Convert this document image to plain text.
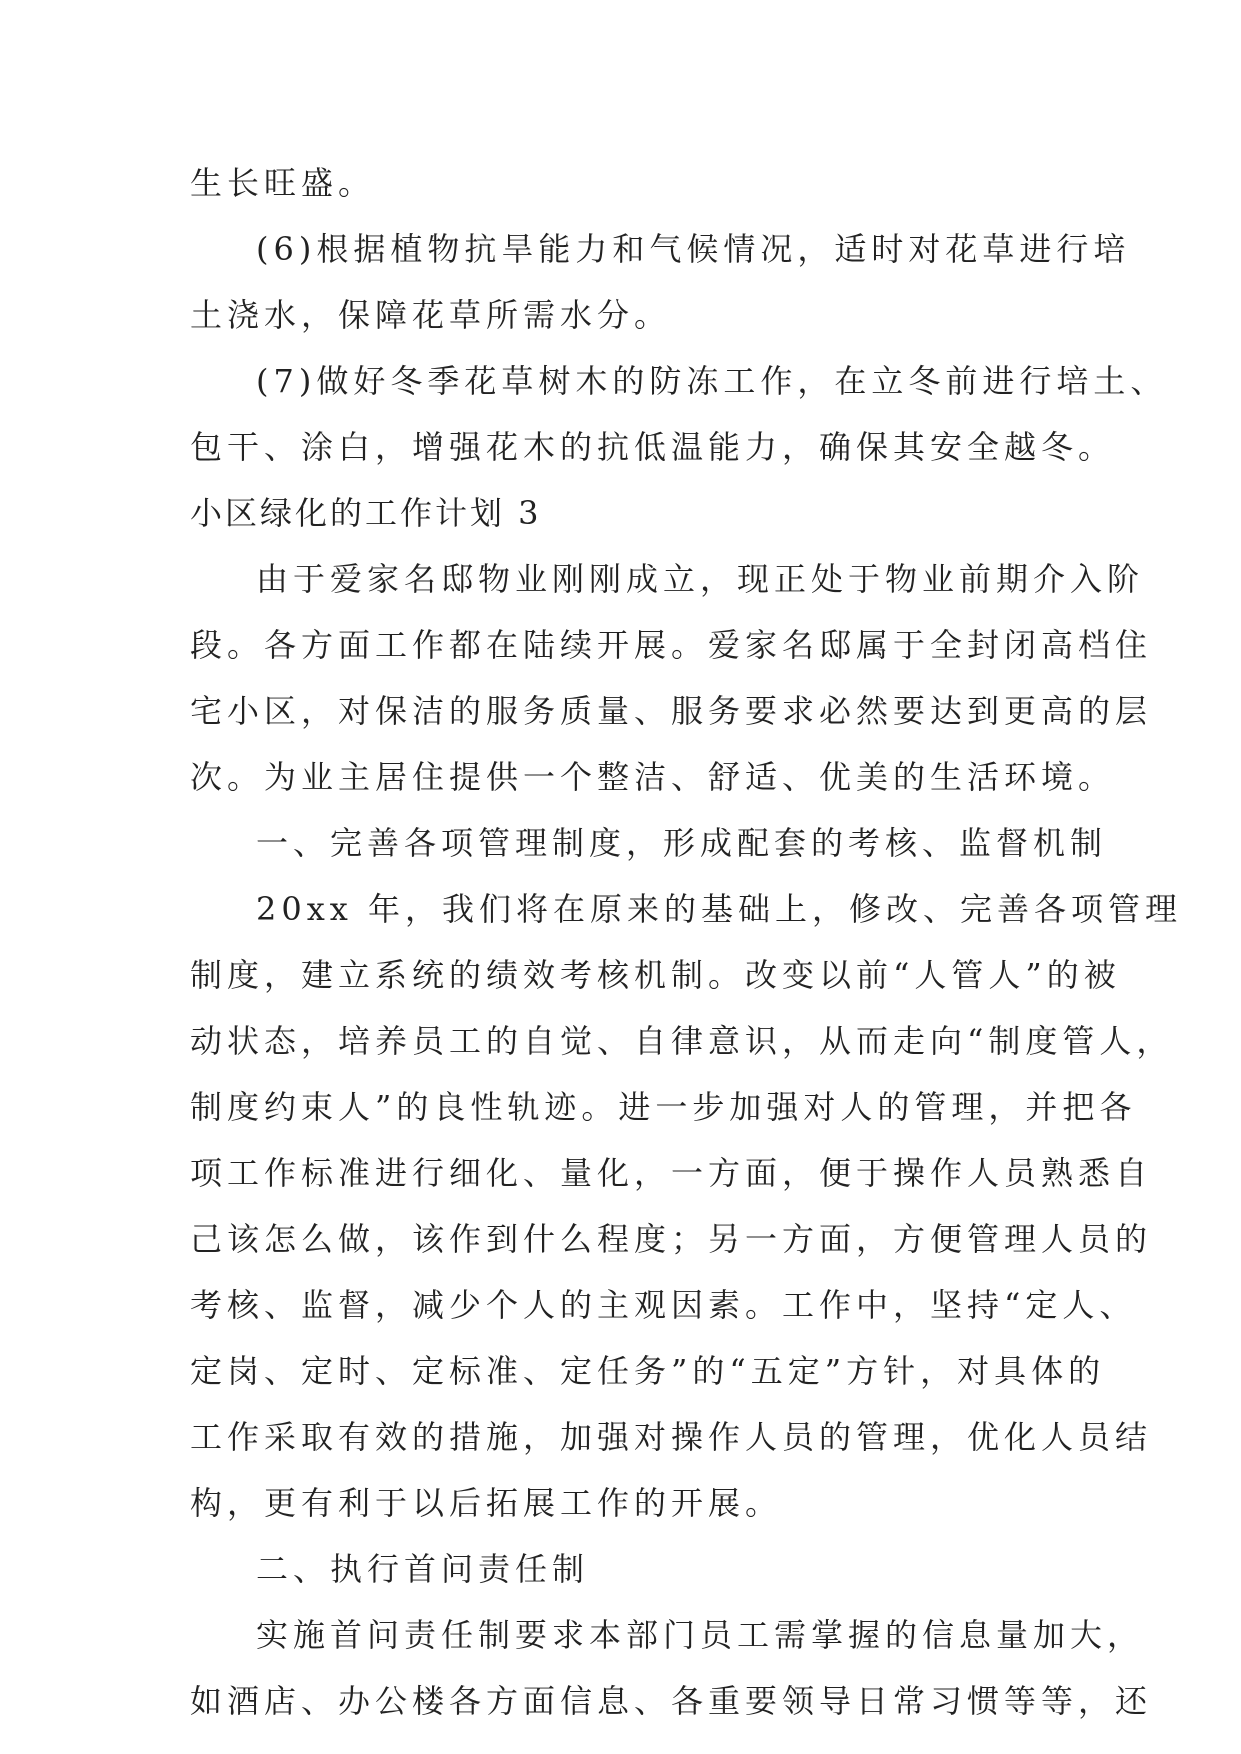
生长旺盛。
(6)根据植物抗旱能力和气候情况，适时对花草进行培
土浇水，保障花草所需水分。
(7)做好冬季花草树木的防冻工作，在立冬前进行培土、
包干、涂白，增强花木的抗低温能力，确保其安全越冬。
小区绿化的工作计划 3
由于爱家名邸物业刚刚成立，现正处于物业前期介入阶
段。各方面工作都在陆续开展。爱家名邸属于全封闭高档住
宅小区，对保洁的服务质量、服务要求必然要达到更高的层
次。为业主居住提供一个整洁、舒适、优美的生活环境。
一、完善各项管理制度，形成配套的考核、监督机制
20xx 年，我们将在原来的基础上，修改、完善各项管理
制度，建立系统的绩效考核机制。改变以前“人管人”的被
动状态，培养员工的自觉、自律意识，从而走向“制度管人，
制度约束人”的良性轨迹。进一步加强对人的管理，并把各
项工作标准进行细化、量化，一方面，便于操作人员熟悉自
己该怎么做，该作到什么程度；另一方面，方便管理人员的
考核、监督，减少个人的主观因素。工作中，坚持“定人、
定岗、定时、定标准、定任务”的“五定”方针，对具体的
工作采取有效的措施，加强对操作人员的管理，优化人员结
构，更有利于以后拓展工作的开展。
二、执行首问责任制
实施首问责任制要求本部门员工需掌握的信息量加大，
如酒店、办公楼各方面信息、各重要领导日常习惯等等，还
